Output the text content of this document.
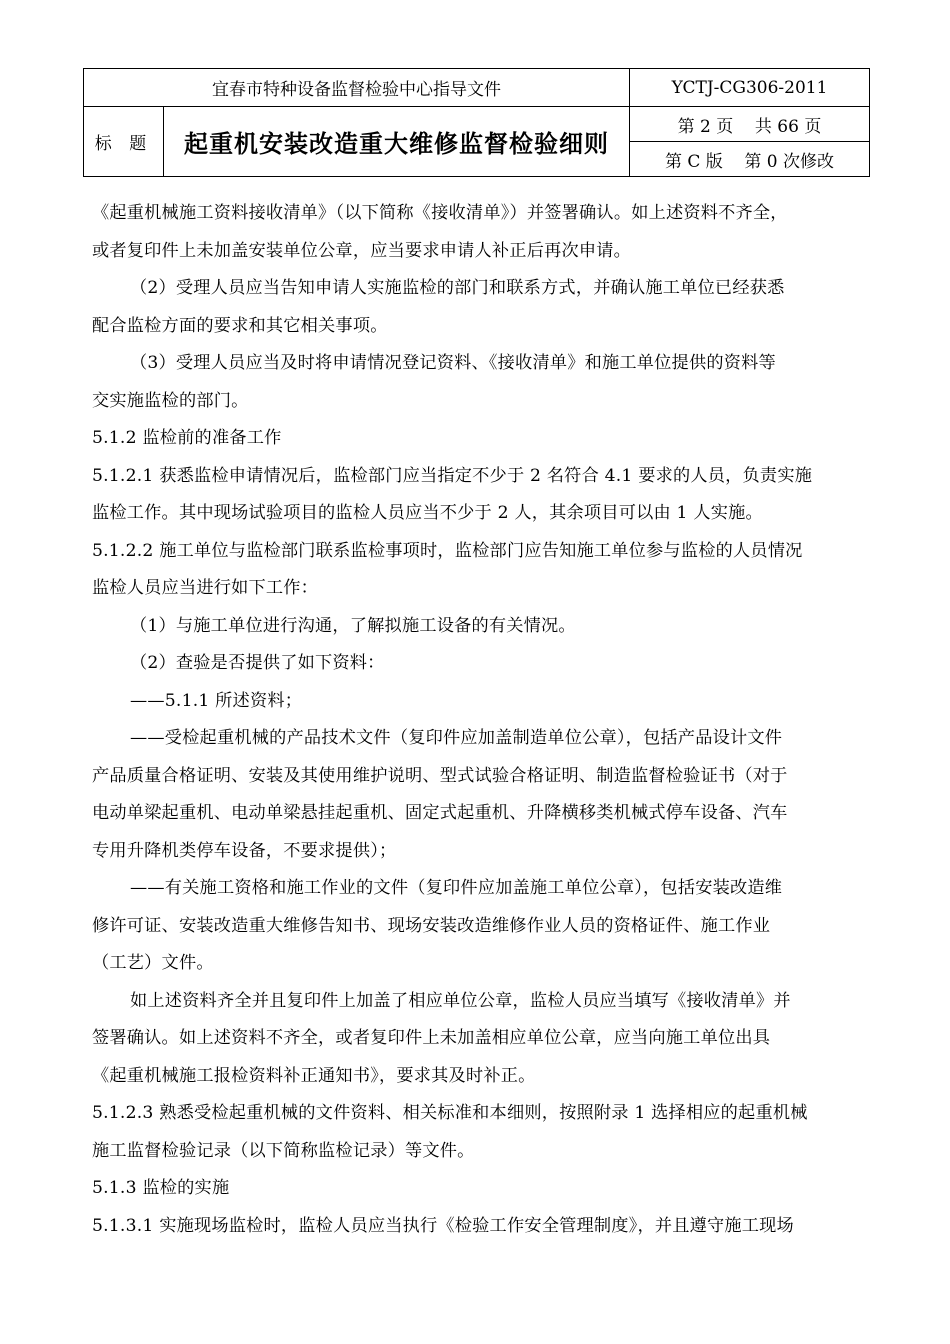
宜春市特种设备监督检验中心指导文件		YCTJ-CG306-2011
标 题	起重机安装改造重大维修监督检验细则	第 2 页    共 66 页
		第 C 版    第 0 次修改
《起重机械施工资料接收清单》（以下简称《接收清单》）并签署确认。如上述资料不齐全，
或者复印件上未加盖安装单位公章，应当要求申请人补正后再次申请。
（2）受理人员应当告知申请人实施监检的部门和联系方式，并确认施工单位已经获悉
配合监检方面的要求和其它相关事项。
（3）受理人员应当及时将申请情况登记资料、《接收清单》和施工单位提供的资料等
交实施监检的部门。
5.1.2 监检前的准备工作
5.1.2.1 获悉监检申请情况后，监检部门应当指定不少于 2 名符合 4.1 要求的人员，负责实施
监检工作。其中现场试验项目的监检人员应当不少于 2 人，其余项目可以由 1 人实施。
5.1.2.2 施工单位与监检部门联系监检事项时，监检部门应告知施工单位参与监检的人员情况
监检人员应当进行如下工作：
（1）与施工单位进行沟通，了解拟施工设备的有关情况。
（2）查验是否提供了如下资料：
——5.1.1 所述资料；
——受检起重机械的产品技术文件（复印件应加盖制造单位公章），包括产品设计文件
产品质量合格证明、安装及其使用维护说明、型式试验合格证明、制造监督检验证书（对于
电动单梁起重机、电动单梁悬挂起重机、固定式起重机、升降横移类机械式停车设备、汽车
专用升降机类停车设备，不要求提供）；
——有关施工资格和施工作业的文件（复印件应加盖施工单位公章），包括安装改造维
修许可证、安装改造重大维修告知书、现场安装改造维修作业人员的资格证件、施工作业
（工艺）文件。
如上述资料齐全并且复印件上加盖了相应单位公章，监检人员应当填写《接收清单》并
签署确认。如上述资料不齐全，或者复印件上未加盖相应单位公章，应当向施工单位出具
《起重机械施工报检资料补正通知书》，要求其及时补正。
5.1.2.3 熟悉受检起重机械的文件资料、相关标准和本细则，按照附录 1 选择相应的起重机械
施工监督检验记录（以下简称监检记录）等文件。
5.1.3 监检的实施
5.1.3.1 实施现场监检时，监检人员应当执行《检验工作安全管理制度》，并且遵守施工现场
